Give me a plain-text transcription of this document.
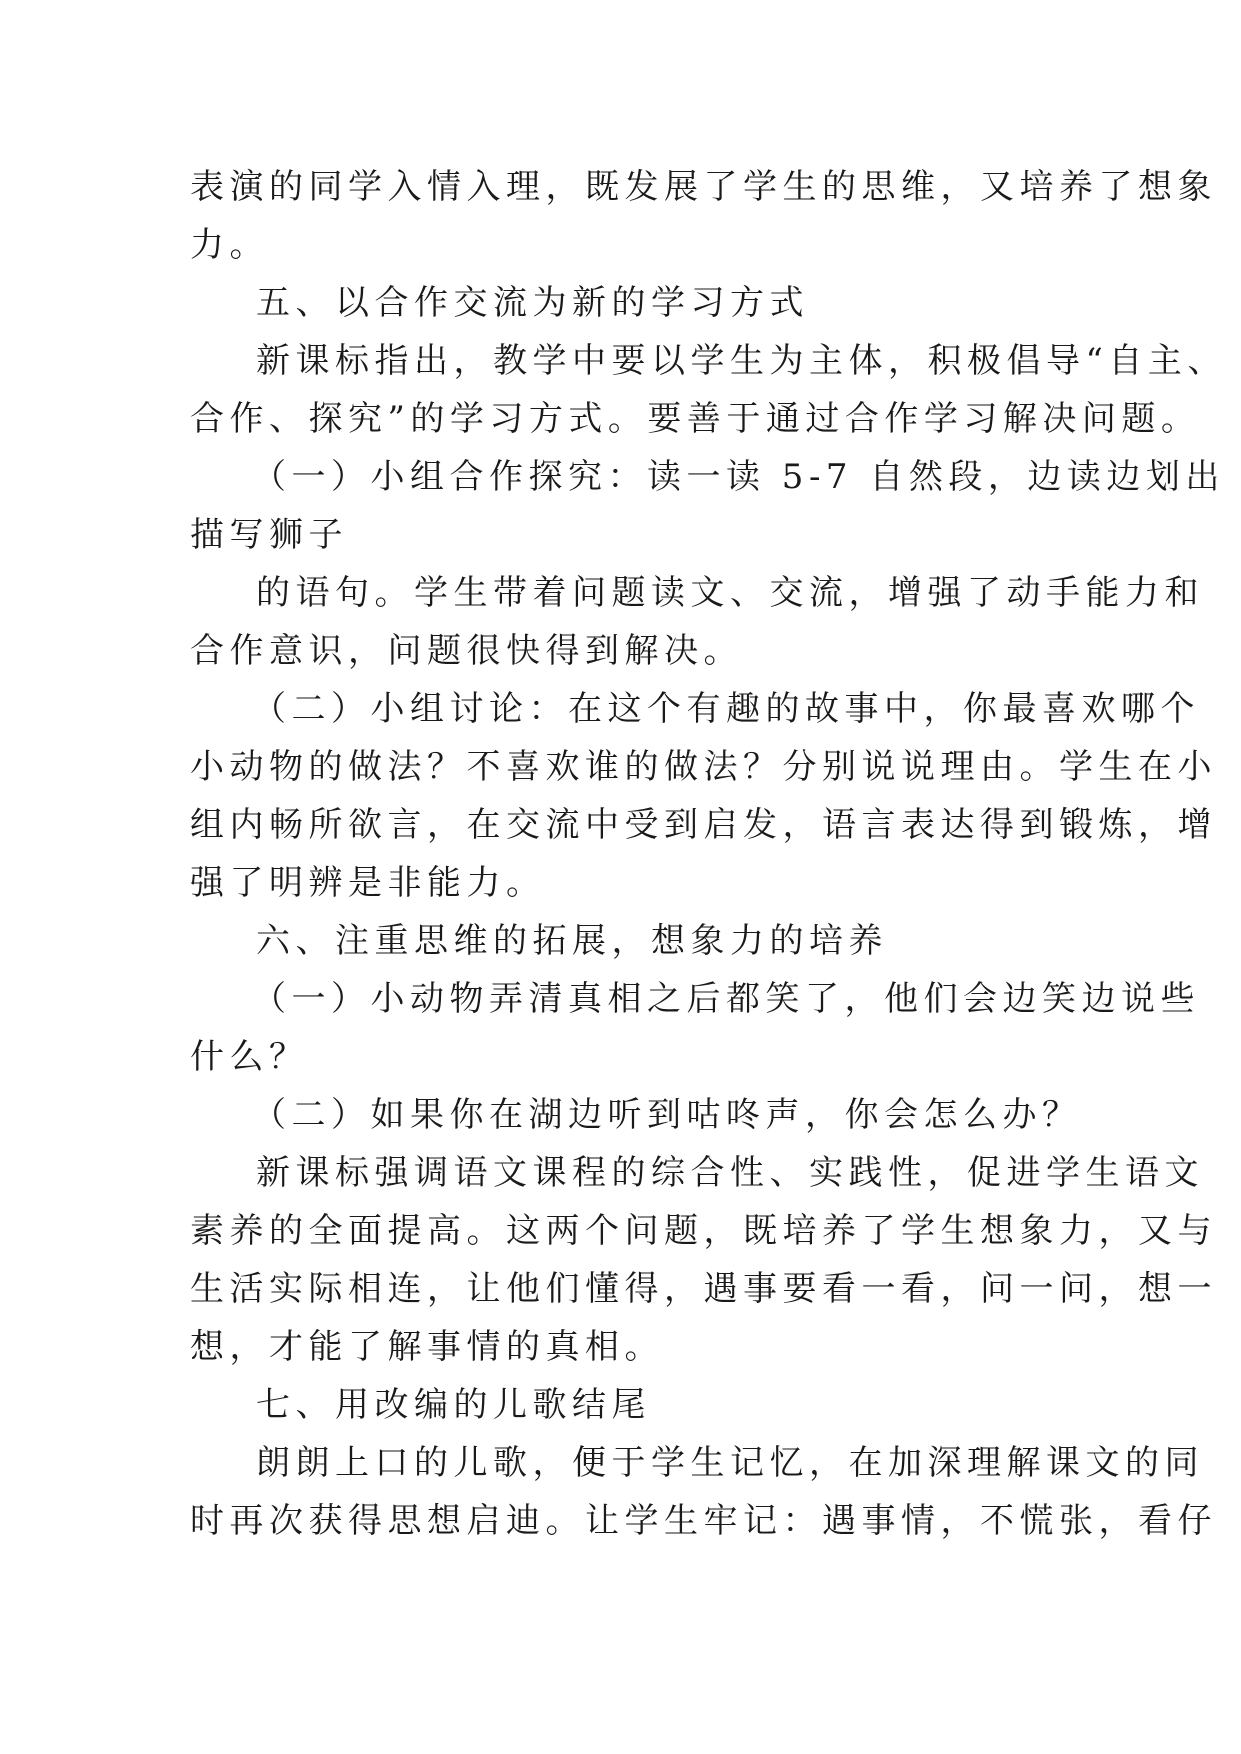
表演的同学入情入理，既发展了学生的思维，又培养了想象
力。
五、以合作交流为新的学习方式
新课标指出，教学中要以学生为主体，积极倡导“自主、
合作、探究”的学习方式。要善于通过合作学习解决问题。
（一）小组合作探究：读一读 5-7 自然段，边读边划出
描写狮子
的语句。学生带着问题读文、交流，增强了动手能力和
合作意识，问题很快得到解决。
（二）小组讨论：在这个有趣的故事中，你最喜欢哪个
小动物的做法？不喜欢谁的做法？分别说说理由。学生在小
组内畅所欲言，在交流中受到启发，语言表达得到锻炼，增
强了明辨是非能力。
六、注重思维的拓展，想象力的培养
（一）小动物弄清真相之后都笑了，他们会边笑边说些
什么？
（二）如果你在湖边听到咕咚声，你会怎么办？
新课标强调语文课程的综合性、实践性，促进学生语文
素养的全面提高。这两个问题，既培养了学生想象力，又与
生活实际相连，让他们懂得，遇事要看一看，问一问，想一
想，才能了解事情的真相。
七、用改编的儿歌结尾
朗朗上口的儿歌，便于学生记忆，在加深理解课文的同
时再次获得思想启迪。让学生牢记：遇事情，不慌张，看仔
